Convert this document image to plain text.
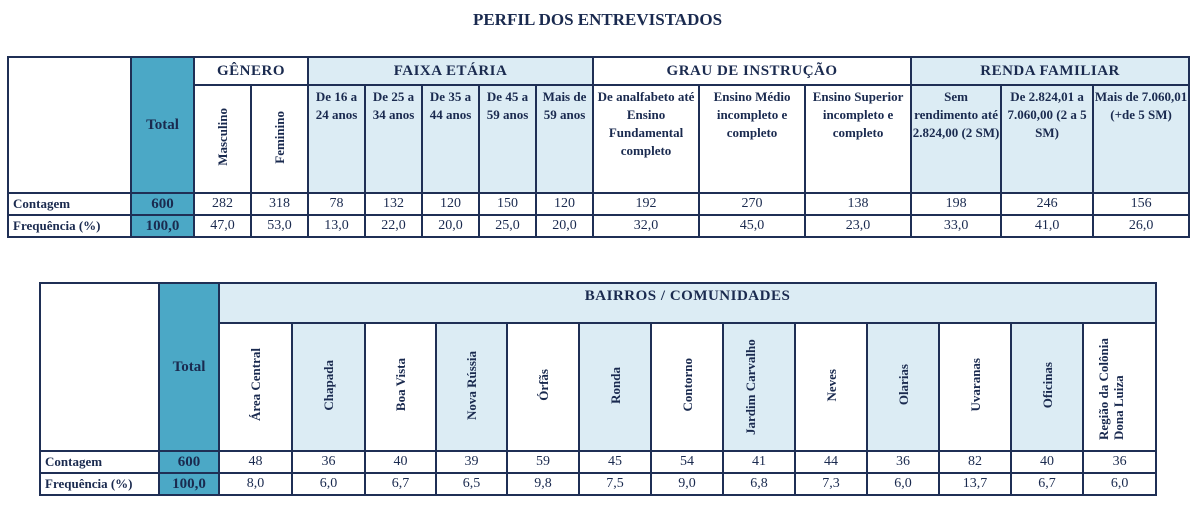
PERFIL DOS ENTREVISTADOS
	Total	GÊNERO		FAIXA ETÁRIA					GRAU DE INSTRUÇÃO			RENDA FAMILIAR		
		Masculino	Feminino	De 16 a 24 anos	De 25 a 34 anos	De 35 a 44 anos	De 45 a 59 anos	Mais de 59 anos	De analfabeto até Ensino Fundamental completo	Ensino Médio incompleto e completo	Ensino Superior incompleto e completo	Sem rendimento até 2.824,00 (2 SM)	De 2.824,01 a 7.060,00 (2 a 5 SM)	Mais de 7.060,01 (+de 5 SM)
Contagem	600	282	318	78	132	120	150	120	192	270	138	198	246	156
Frequência (%)	100,0	47,0	53,0	13,0	22,0	20,0	25,0	20,0	32,0	45,0	23,0	33,0	41,0	26,0
	Total	BAIRROS / COMUNIDADES												
		Área Central	Chapada	Boa Vista	Nova Rússia	Órfãs	Ronda	Contorno	Jardim Carvalho	Neves	Olarias	Uvaranas	Oficinas	Região da Colônia Dona Luiza
Contagem	600	48	36	40	39	59	45	54	41	44	36	82	40	36
Frequência (%)	100,0	8,0	6,0	6,7	6,5	9,8	7,5	9,0	6,8	7,3	6,0	13,7	6,7	6,0
